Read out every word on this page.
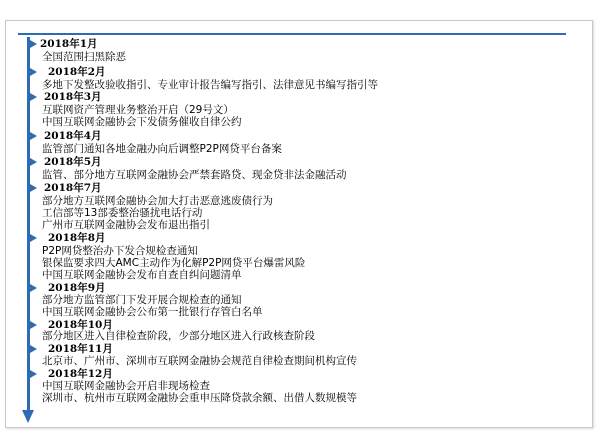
2018年1月
全国范围扫黑除恶
2018年2月
多地下发整改验收指引、专业审计报告编写指引、法律意见书编写指引等
2018年3月
互联网资产管理业务整治开启（29号文）
中国互联网金融协会下发债务催收自律公约
2018年4月
监管部门通知各地金融办向后调整P2P网贷平台备案
2018年5月
监管、部分地方互联网金融协会严禁套路贷、现金贷非法金融活动
2018年7月
部分地方互联网金融协会加大打击恶意逃废债行为
工信部等13部委整治骚扰电话行动
广州市互联网金融协会发布退出指引
2018年8月
P2P网贷整治办下发合规检查通知
银保监要求四大AMC主动作为化解P2P网贷平台爆雷风险
中国互联网金融协会发布自查自纠问题清单
2018年9月
部分地方监管部门下发开展合规检查的通知
中国互联网金融协会公布第一批银行存管白名单
2018年10月
部分地区进入自律检查阶段，少部分地区进入行政核查阶段
2018年11月
北京市、广州市、深圳市互联网金融协会规范自律检查期间机构宣传
2018年12月
中国互联网金融协会开启非现场检查
深圳市、杭州市互联网金融协会重申压降贷款余额、出借人数规模等
